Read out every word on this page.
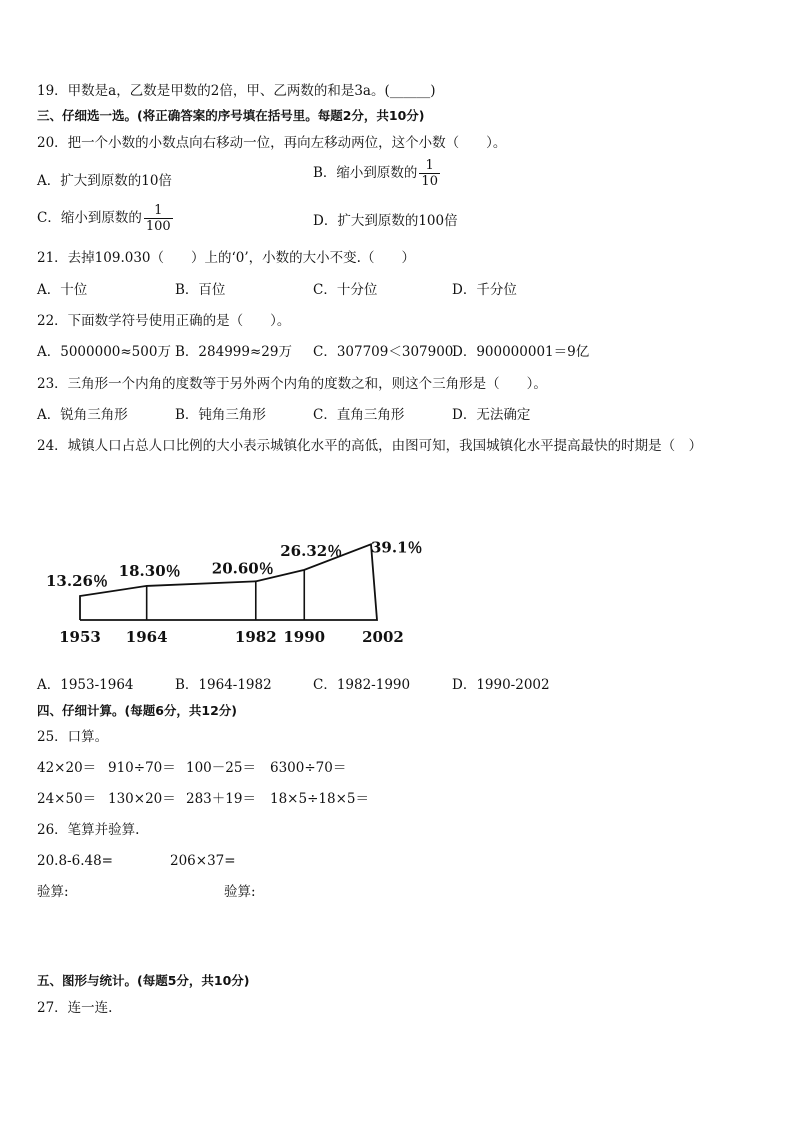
19．甲数是a，乙数是甲数的2倍，甲、乙两数的和是3a。(______)
三、仔细选一选。(将正确答案的序号填在括号里。每题2分，共10分)
20．把一个小数的小数点向右移动一位，再向左移动两位，这个小数（　　）。
A．扩大到原数的10倍	B．缩小到原数的 $\frac{1}{10}$
C．缩小到原数的 $\frac{1}{100}$	D．扩大到原数的100倍
21．去掉109.030（　　）上的‘0’，小数的大小不变.（　　）
A．十位	B．百位	C．十分位	D．千分位
22．下面数学符号使用正确的是（　　）。
A．5000000≈500万 B．284999≈29万 C．307709＜307900
D．900000001＝9亿
23．三角形一个内角的度数等于另外两个内角的度数之和，则这个三角形是（　　）。
A．锐角三角形	B．钝角三角形	C．直角三角形	D．无法确定
24．城镇人口占总人口比例的大小表示城镇化水平的高低，由图可知，我国城镇化水平提高最快的时期是（　）
13.26％
18.30％ 20.60％
26.32％ 39.1％
1953 1964	1982 1990 2002
A．1953-1964	B．1964-1982	C．1982-1990	D．1990-2002
四、仔细计算。(每题6分，共12分)
25．口算。
42×20＝ 910÷70＝ 100－25＝ 6300÷70＝
24×50＝ 130×20＝ 283＋19＝ 18×5÷18×5＝
26．笔算并验算.
20.8-6.48=	206×37=
验算:	验算:
五、图形与统计。(每题5分，共10分)
27．连一连.
